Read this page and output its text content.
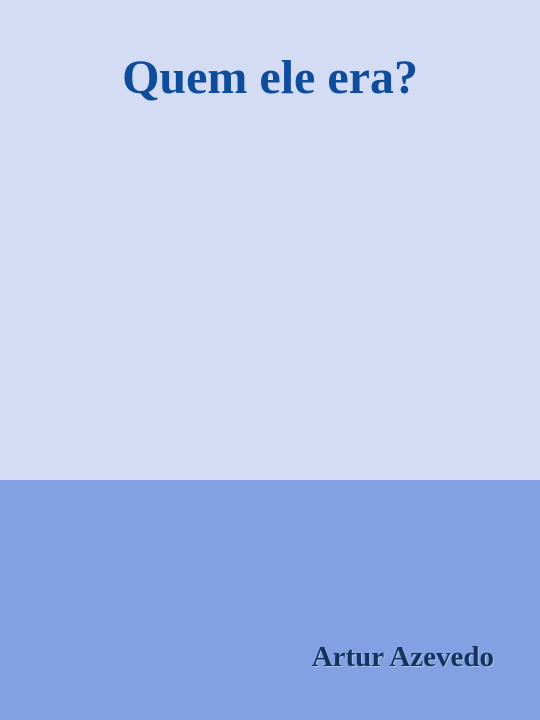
Quem ele era?
Artur Azevedo
